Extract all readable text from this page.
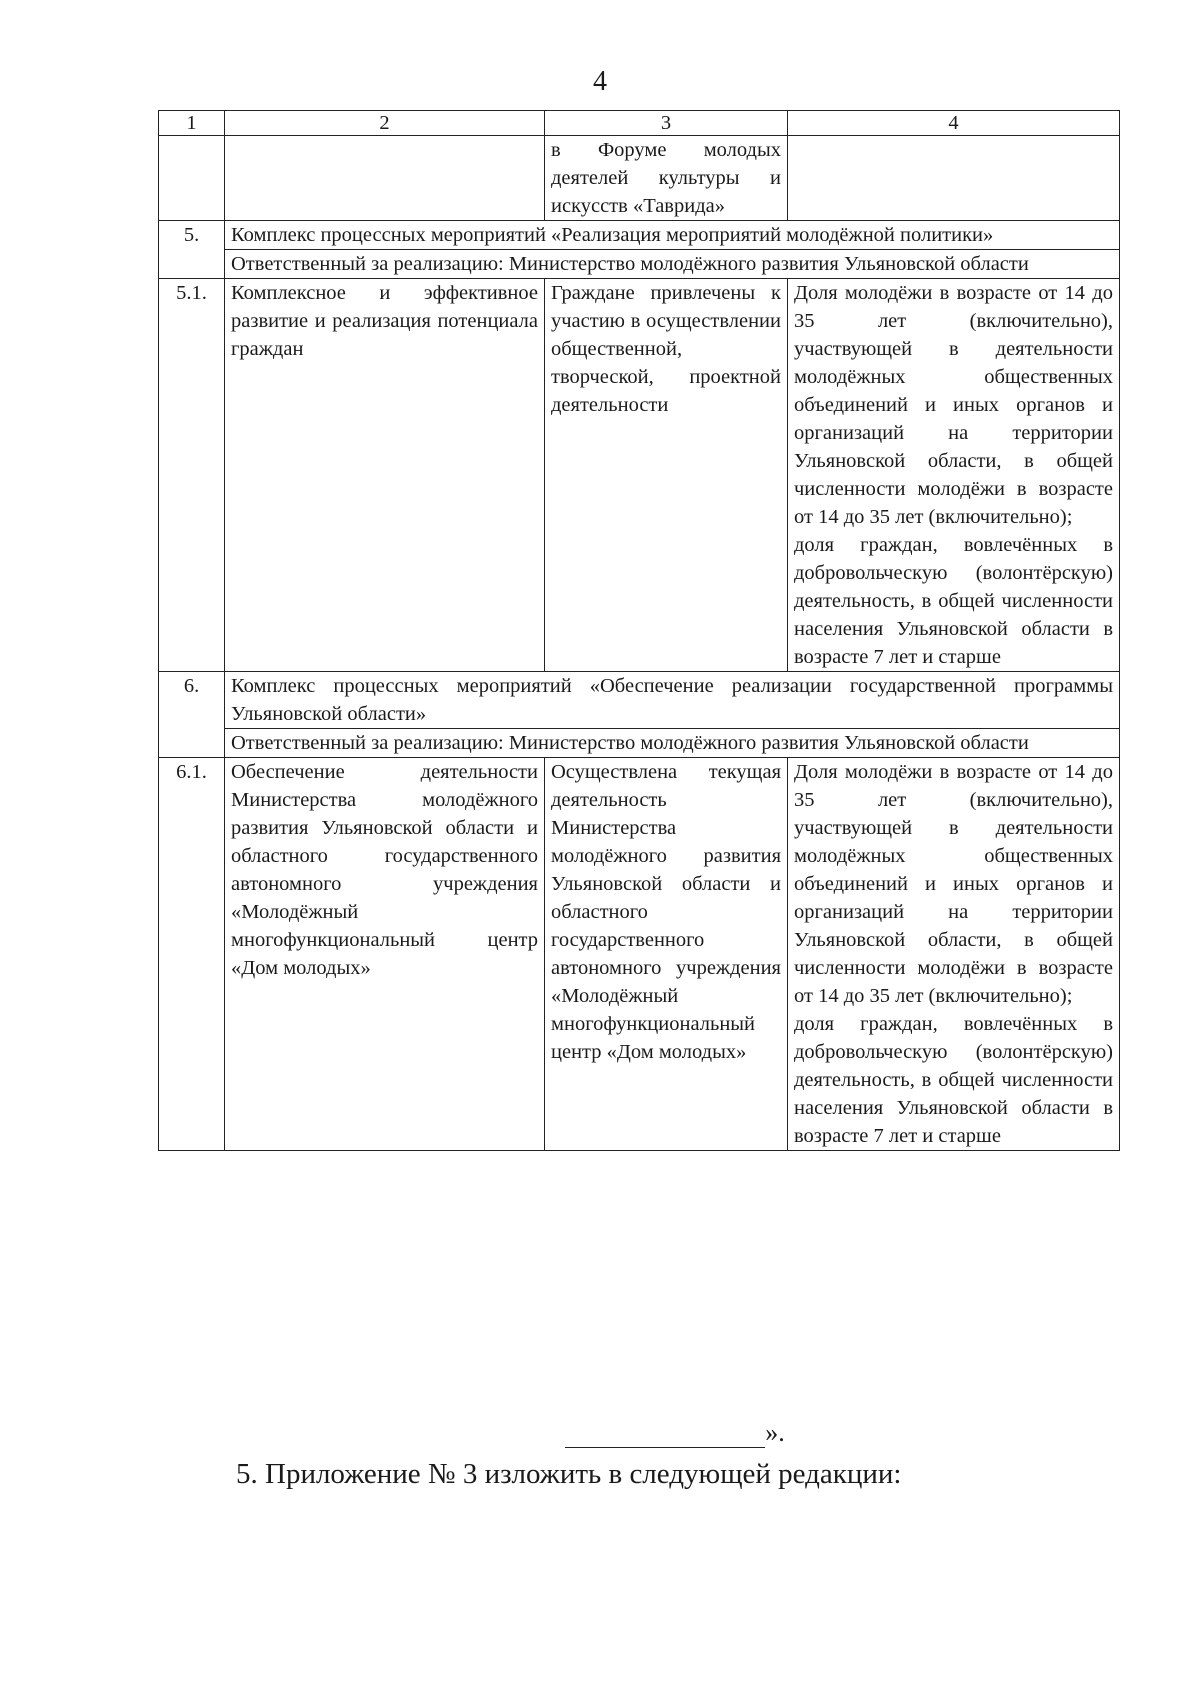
4
1	2	3	4
		в Форуме молодых деятелей культуры и искусств «Таврида»	
5.	Комплекс процессных мероприятий «Реализация мероприятий молодёжной политики»		
	Ответственный за реализацию: Министерство молодёжного развития Ульяновской области		
5.1.	Комплексное и эффективное развитие и реализация потенциала граждан	Граждане привлечены к участию в осуществлении общественной, творческой, проектной деятельности	Доля молодёжи в возрасте от 14 до 35 лет (включительно), участвующей в деятельности молодёжных общественных объединений и иных органов и организаций на территории Ульяновской области, в общей численности молодёжи в возрасте от 14 до 35 лет (включительно);
доля граждан, вовлечённых в добровольческую (волонтёрскую) деятельность, в общей численности населения Ульяновской области в возрасте 7 лет и старше
6.	Комплекс процессных мероприятий «Обеспечение реализации государственной программы Ульяновской области»		
	Ответственный за реализацию: Министерство молодёжного развития Ульяновской области		
6.1.	Обеспечение деятельности Министерства молодёжного развития Ульяновской области и областного государственного автономного учреждения «Молодёжный многофункциональный центр «Дом молодых»	Осуществлена текущая деятельность Министерства молодёжного развития Ульяновской области и областного государственного автономного учреждения «Молодёжный многофункциональный центр «Дом молодых»	Доля молодёжи в возрасте от 14 до 35 лет (включительно), участвующей в деятельности молодёжных общественных объединений и иных органов и организаций на территории Ульяновской области, в общей численности молодёжи в возрасте от 14 до 35 лет (включительно);
доля граждан, вовлечённых в добровольческую (волонтёрскую) деятельность, в общей численности населения Ульяновской области в возрасте 7 лет и старше
».
5. Приложение № 3 изложить в следующей редакции:
